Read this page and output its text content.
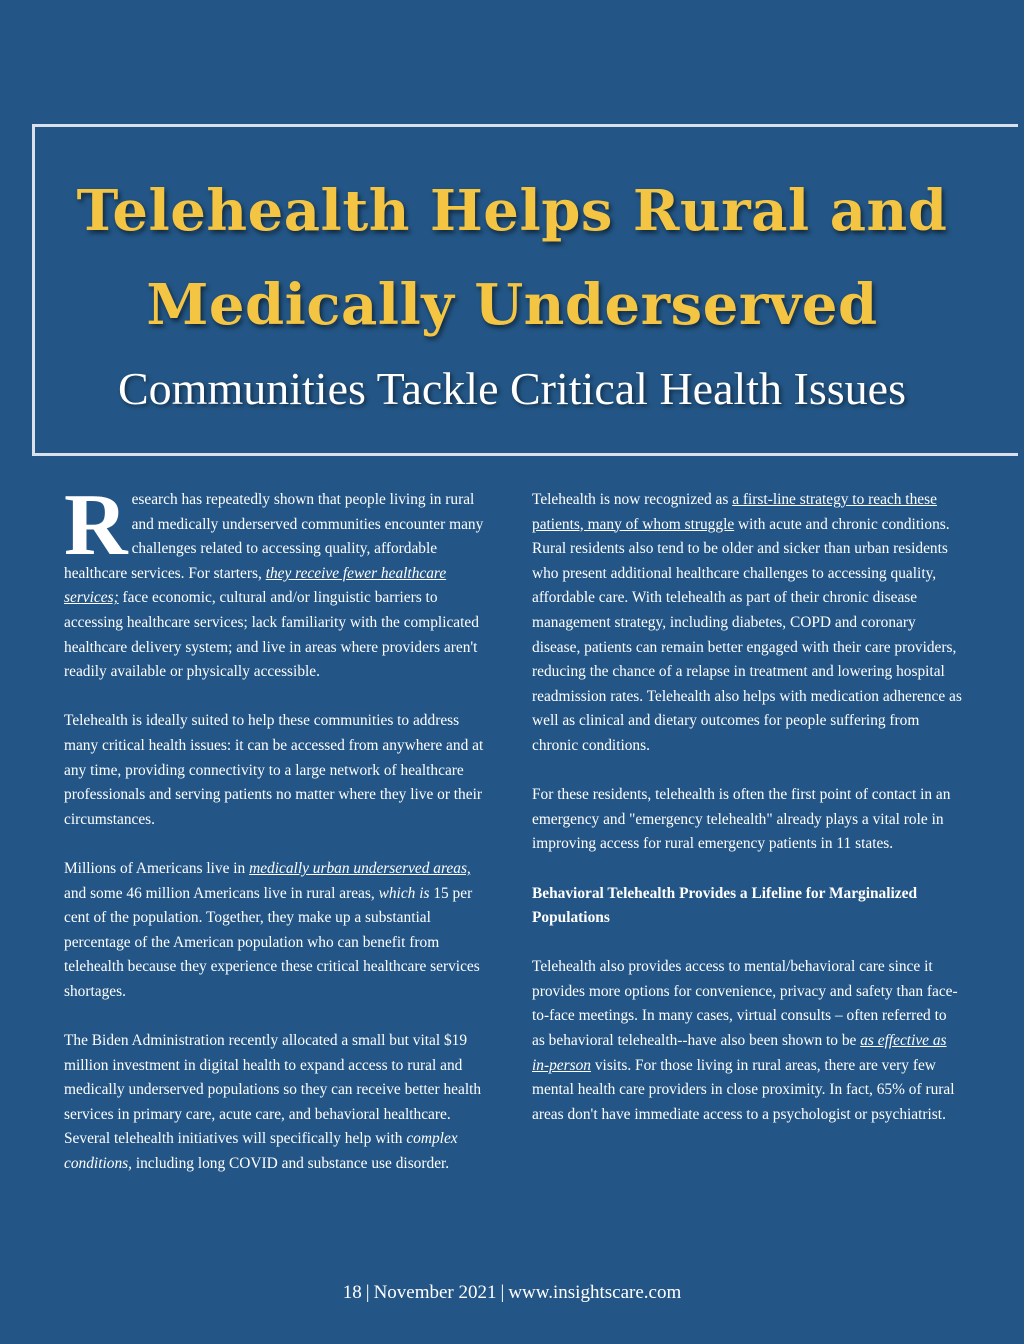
Telehealth Helps Rural and
Medically Underserved
Communities Tackle Critical Health Issues

Research has repeatedly shown that people living in rural and medically underserved communities encounter many challenges related to accessing quality, affordable healthcare services. For starters, they receive fewer healthcare services; face economic, cultural and/or linguistic barriers to accessing healthcare services; lack familiarity with the complicated healthcare delivery system; and live in areas where providers aren't readily available or physically accessible.

Telehealth is ideally suited to help these communities to address many critical health issues: it can be accessed from anywhere and at any time, providing connectivity to a large network of healthcare professionals and serving patients no matter where they live or their circumstances.

Millions of Americans live in medically urban underserved areas, and some 46 million Americans live in rural areas, which is 15 per cent of the population. Together, they make up a substantial percentage of the American population who can benefit from telehealth because they experience these critical healthcare services shortages.

The Biden Administration recently allocated a small but vital $19 million investment in digital health to expand access to rural and medically underserved populations so they can receive better health services in primary care, acute care, and behavioral healthcare. Several telehealth initiatives will specifically help with complex conditions, including long COVID and substance use disorder.

Telehealth is now recognized as a first-line strategy to reach these patients, many of whom struggle with acute and chronic conditions. Rural residents also tend to be older and sicker than urban residents who present additional healthcare challenges to accessing quality, affordable care. With telehealth as part of their chronic disease management strategy, including diabetes, COPD and coronary disease, patients can remain better engaged with their care providers, reducing the chance of a relapse in treatment and lowering hospital readmission rates. Telehealth also helps with medication adherence as well as clinical and dietary outcomes for people suffering from chronic conditions.

For these residents, telehealth is often the first point of contact in an emergency and "emergency telehealth" already plays a vital role in improving access for rural emergency patients in 11 states.

Behavioral Telehealth Provides a Lifeline for Marginalized Populations

Telehealth also provides access to mental/behavioral care since it provides more options for convenience, privacy and safety than face-to-face meetings. In many cases, virtual consults – often referred to as behavioral telehealth--have also been shown to be as effective as in-person visits. For those living in rural areas, there are very few mental health care providers in close proximity. In fact, 65% of rural areas don't have immediate access to a psychologist or psychiatrist.

18 | November 2021 | www.insightscare.com
